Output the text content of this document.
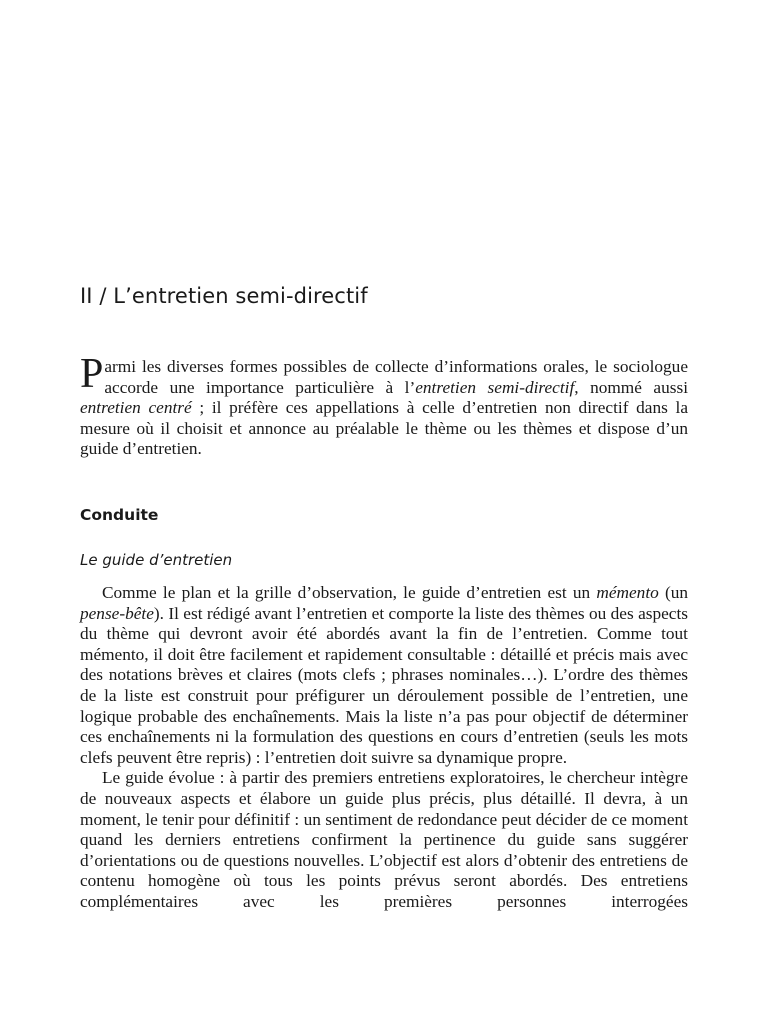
II / L’entretien semi-directif

Parmi les diverses formes possibles de collecte d’informations orales, le sociologue accorde une importance particulière à l’entretien semi-directif, nommé aussi entretien centré ; il préfère ces appellations à celle d’entretien non directif dans la mesure où il choisit et annonce au préalable le thème ou les thèmes et dispose d’un guide d’entretien.

Conduite
Le guide d’entretien

Comme le plan et la grille d’observation, le guide d’entretien est un mémento (un pense-bête). Il est rédigé avant l’entretien et comporte la liste des thèmes ou des aspects du thème qui devront avoir été abordés avant la fin de l’entretien. Comme tout mémento, il doit être facilement et rapidement consultable : détaillé et précis mais avec des notations brèves et claires (mots clefs ; phrases nominales…). L’ordre des thèmes de la liste est construit pour préfigurer un déroulement possible de l’entretien, une logique probable des enchaînements. Mais la liste n’a pas pour objectif de déterminer ces enchaînements ni la formulation des questions en cours d’entretien (seuls les mots clefs peuvent être repris) : l’entretien doit suivre sa dynamique propre.

Le guide évolue : à partir des premiers entretiens exploratoires, le chercheur intègre de nouveaux aspects et élabore un guide plus précis, plus détaillé. Il devra, à un moment, le tenir pour définitif : un sentiment de redondance peut décider de ce moment quand les derniers entretiens confirment la pertinence du guide sans suggérer d’orientations ou de questions nouvelles. L’objectif est alors d’obtenir des entretiens de contenu homogène où tous les points prévus seront abordés. Des entretiens complémentaires avec les premières personnes interrogées
